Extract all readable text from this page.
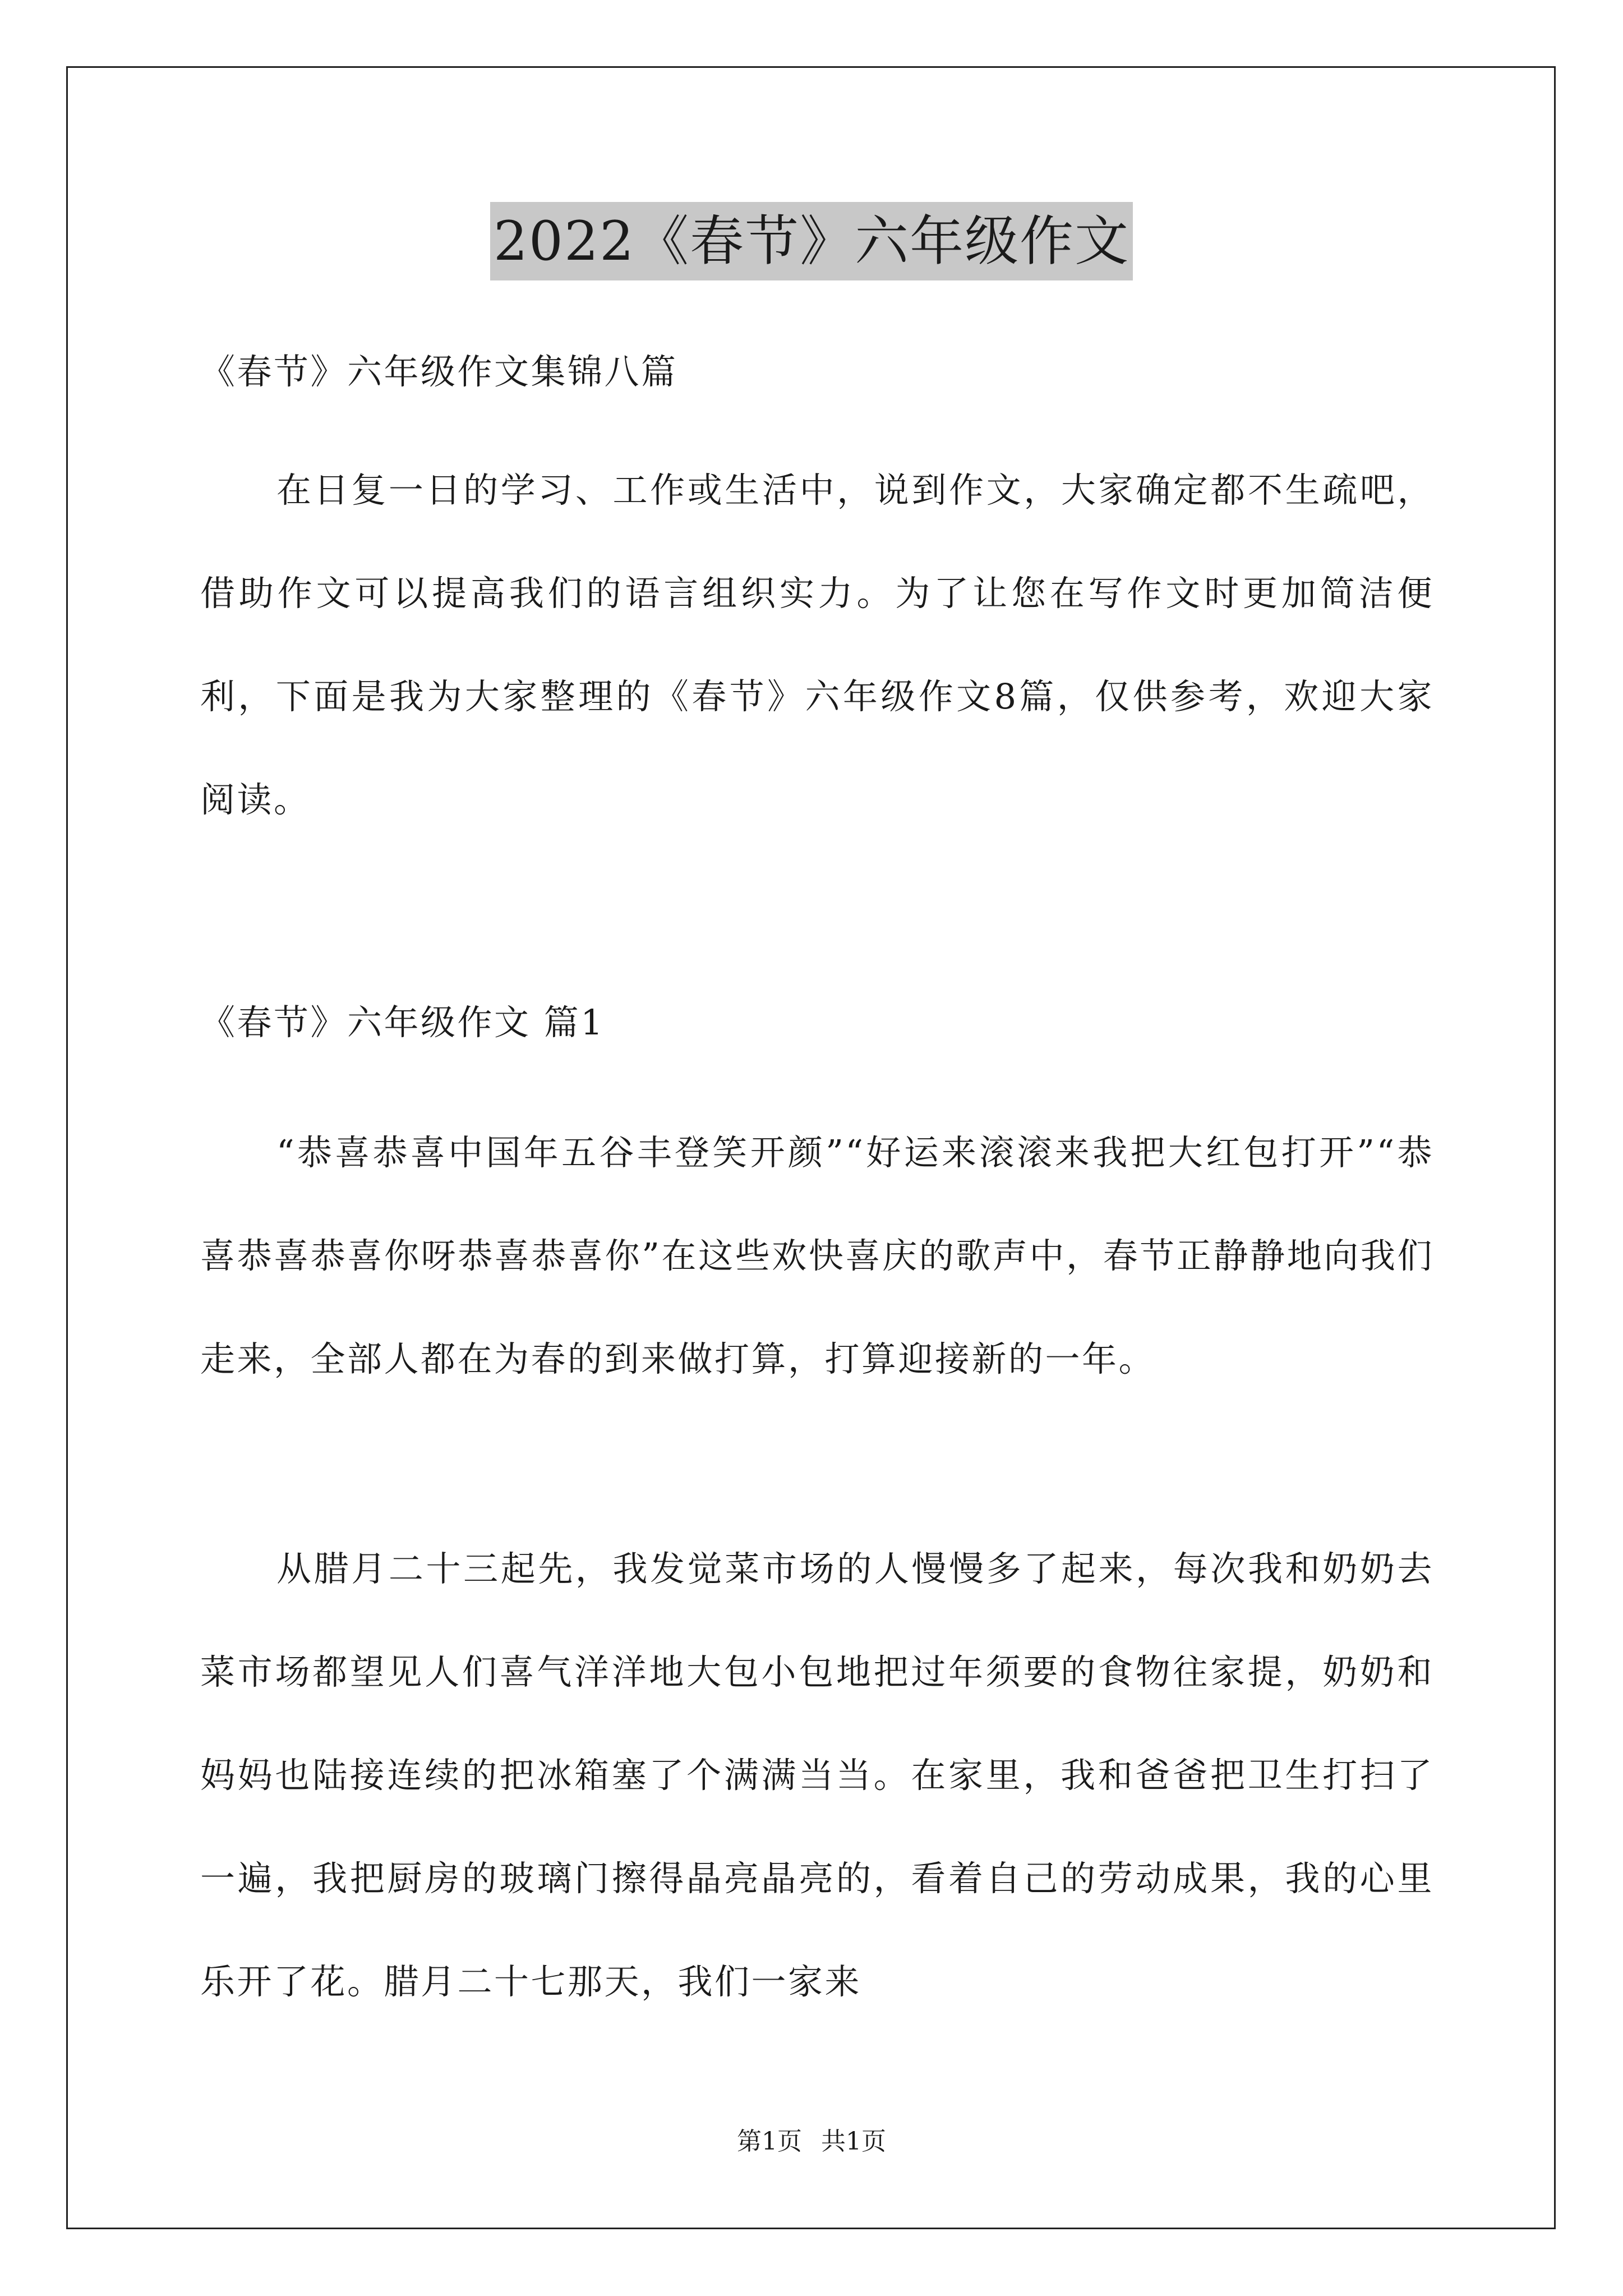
2022《春节》六年级作文

《春节》六年级作文集锦八篇

在日复一日的学习、工作或生活中，说到作文，大家确定都不生疏吧，借助作文可以提高我们的语言组织实力。为了让您在写作文时更加简洁便利，下面是我为大家整理的《春节》六年级作文8篇，仅供参考，欢迎大家阅读。

《春节》六年级作文 篇1

“恭喜恭喜中国年五谷丰登笑开颜”“好运来滚滚来我把大红包打开”“恭喜恭喜恭喜你呀恭喜恭喜你”在这些欢快喜庆的歌声中，春节正静静地向我们走来，全部人都在为春的到来做打算，打算迎接新的一年。

从腊月二十三起先，我发觉菜市场的人慢慢多了起来，每次我和奶奶去菜市场都望见人们喜气洋洋地大包小包地把过年须要的食物往家提，奶奶和妈妈也陆接连续的把冰箱塞了个满满当当。在家里，我和爸爸把卫生打扫了一遍，我把厨房的玻璃门擦得晶亮晶亮的，看着自己的劳动成果，我的心里乐开了花。腊月二十七那天，我们一家来

第1页 共1页
